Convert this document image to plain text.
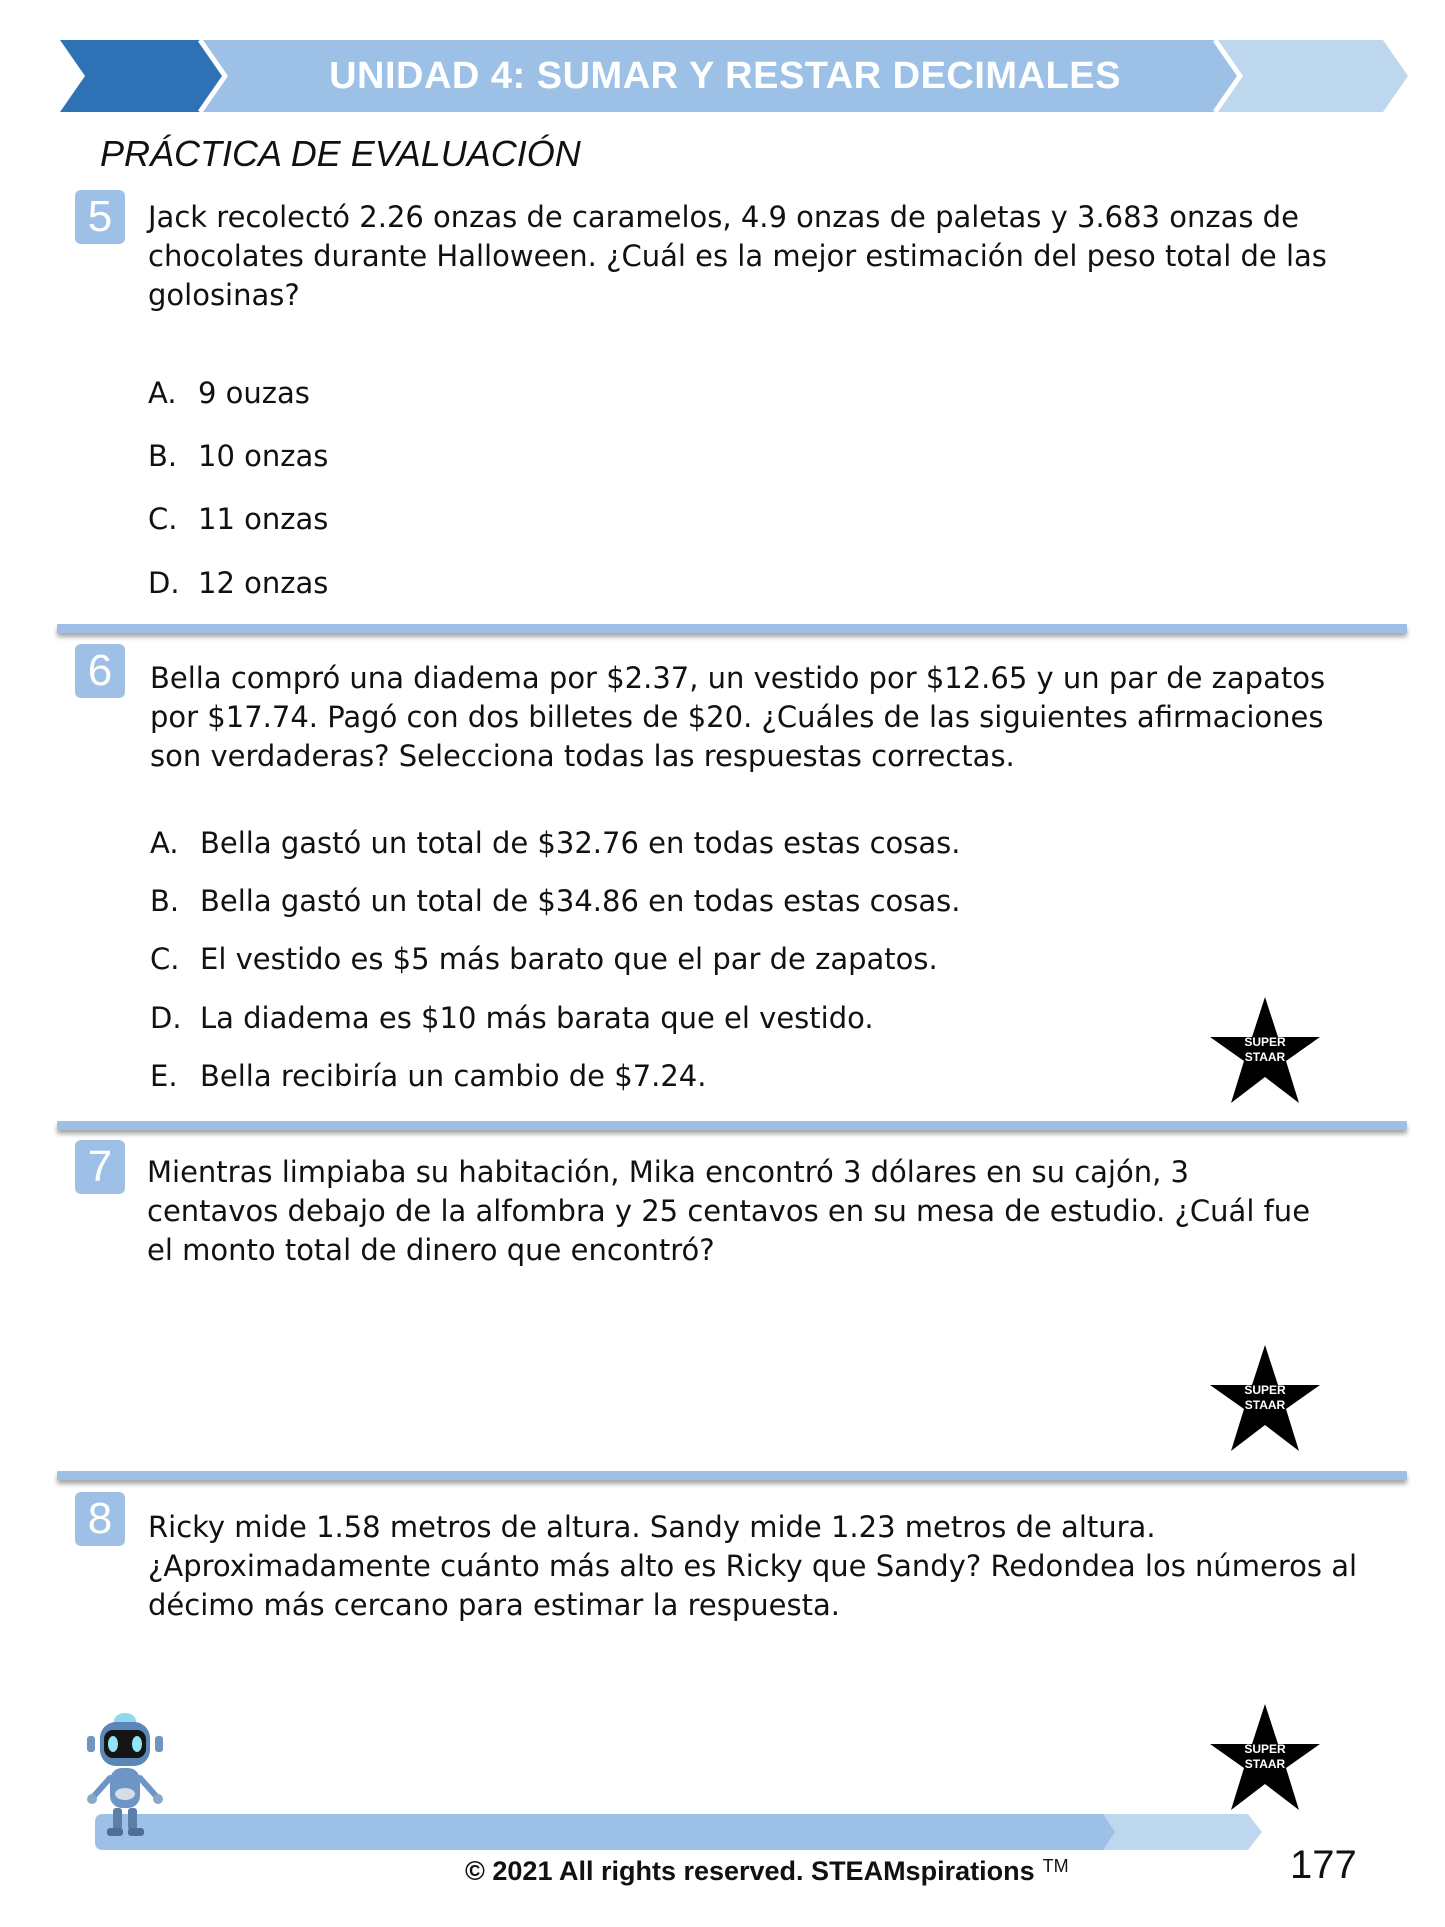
UNIDAD 4: SUMAR Y RESTAR DECIMALES
PRÁCTICA DE EVALUACIÓN
5	Jack recolectó 2.26 onzas de caramelos, 4.9 onzas de paletas y 3.683 onzas de chocolates durante Halloween. ¿Cuál es la mejor estimación del peso total de las golosinas?
A. 9 ouzas
B. 10 onzas
C. 11 onzas
D. 12 onzas
6	Bella compró una diadema por $2.37, un vestido por $12.65 y un par de zapatos por $17.74. Pagó con dos billetes de $20. ¿Cuáles de las siguientes afirmaciones son verdaderas? Selecciona todas las respuestas correctas.
A. Bella gastó un total de $32.76 en todas estas cosas.
B. Bella gastó un total de $34.86 en todas estas cosas.
C. El vestido es $5 más barato que el par de zapatos.
D. La diadema es $10 más barata que el vestido.
E. Bella recibiría un cambio de $7.24.
SUPER
STAAR
7	Mientras limpiaba su habitación, Mika encontró 3 dólares en su cajón, 3 centavos debajo de la alfombra y 25 centavos en su mesa de estudio. ¿Cuál fue el monto total de dinero que encontró?
SUPER
STAAR
8	Ricky mide 1.58 metros de altura. Sandy mide 1.23 metros de altura. ¿Aproximadamente cuánto más alto es Ricky que Sandy? Redondea los números al décimo más cercano para estimar la respuesta.
SUPER
STAAR
© 2021 All rights reserved. STEAMspirations ™	177
